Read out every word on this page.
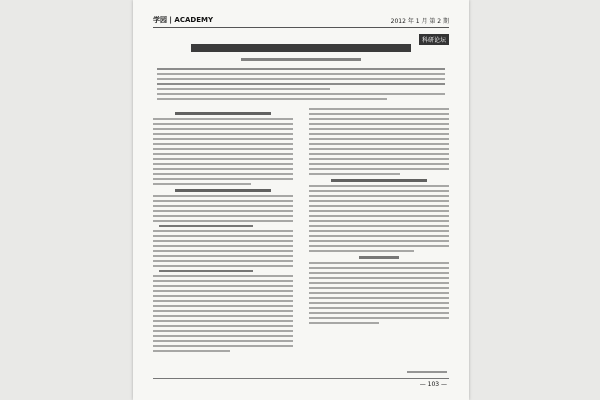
学园 | ACADEMY	2012 年 1 月 第 2 期
科研论坛
— 103 —
